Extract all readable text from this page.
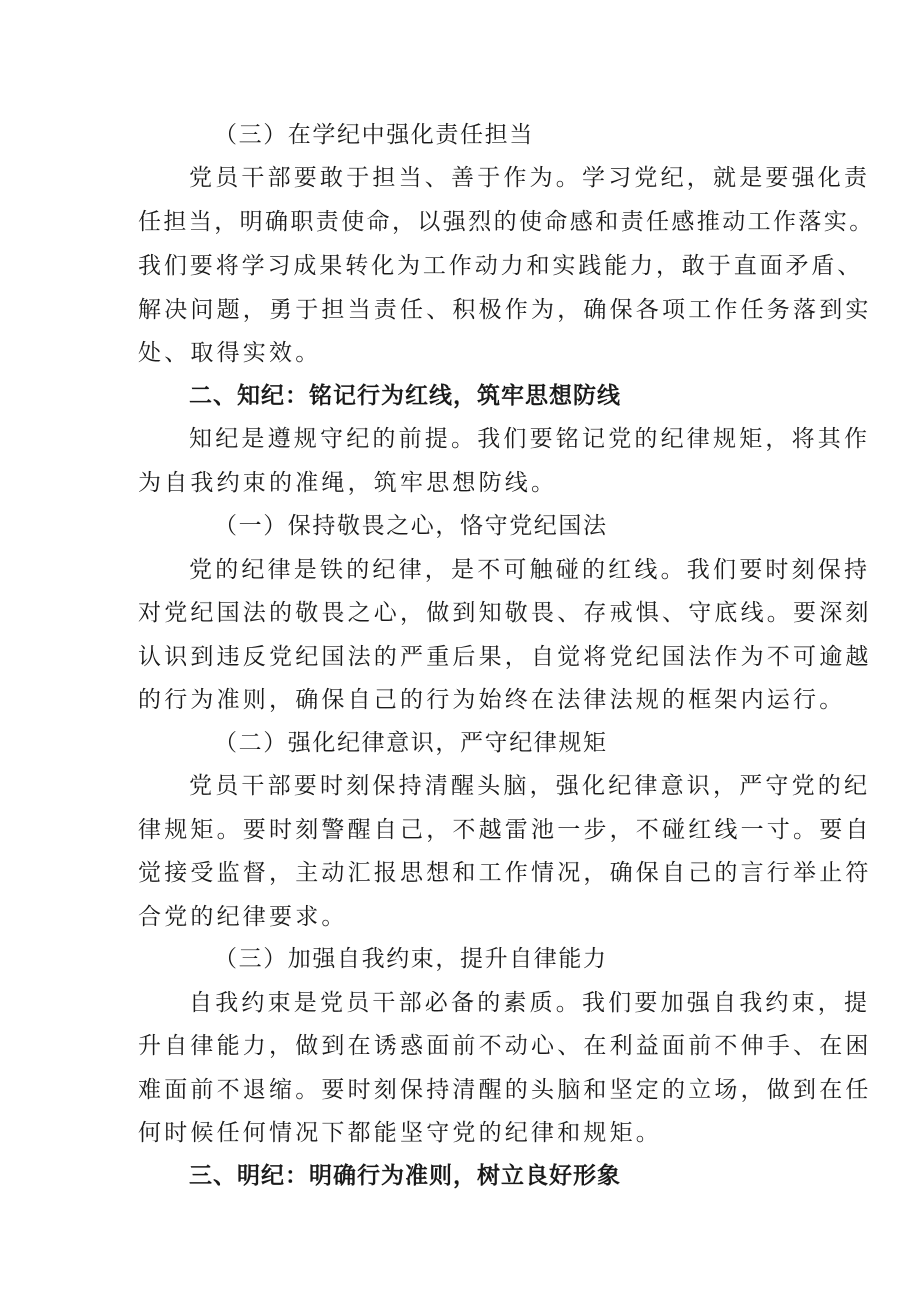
（三）在学纪中强化责任担当
党员干部要敢于担当、善于作为。学习党纪，就是要强化责
任担当，明确职责使命，以强烈的使命感和责任感推动工作落实。
我们要将学习成果转化为工作动力和实践能力，敢于直面矛盾、
解决问题，勇于担当责任、积极作为，确保各项工作任务落到实
处、取得实效。
二、知纪：铭记行为红线，筑牢思想防线
知纪是遵规守纪的前提。我们要铭记党的纪律规矩，将其作
为自我约束的准绳，筑牢思想防线。
（一）保持敬畏之心，恪守党纪国法
党的纪律是铁的纪律，是不可触碰的红线。我们要时刻保持
对党纪国法的敬畏之心，做到知敬畏、存戒惧、守底线。要深刻
认识到违反党纪国法的严重后果，自觉将党纪国法作为不可逾越
的行为准则，确保自己的行为始终在法律法规的框架内运行。
（二）强化纪律意识，严守纪律规矩
党员干部要时刻保持清醒头脑，强化纪律意识，严守党的纪
律规矩。要时刻警醒自己，不越雷池一步，不碰红线一寸。要自
觉接受监督，主动汇报思想和工作情况，确保自己的言行举止符
合党的纪律要求。
（三）加强自我约束，提升自律能力
自我约束是党员干部必备的素质。我们要加强自我约束，提
升自律能力，做到在诱惑面前不动心、在利益面前不伸手、在困
难面前不退缩。要时刻保持清醒的头脑和坚定的立场，做到在任
何时候任何情况下都能坚守党的纪律和规矩。
三、明纪：明确行为准则，树立良好形象
